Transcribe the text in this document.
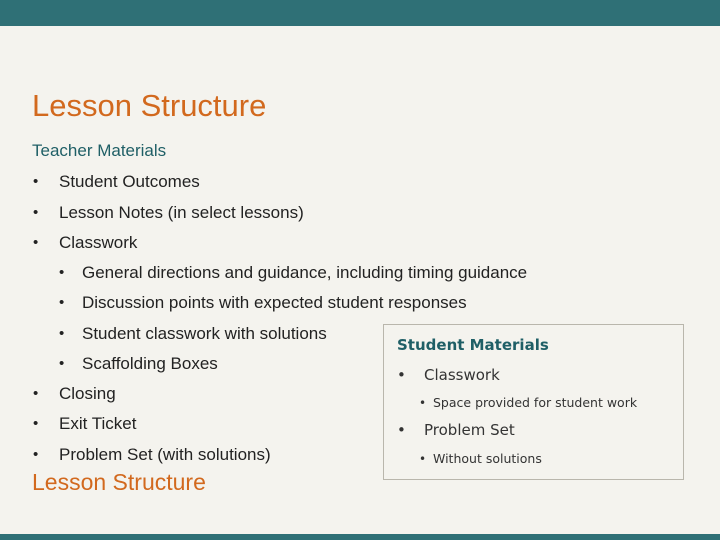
Lesson Structure
Teacher Materials
• Student Outcomes
• Lesson Notes (in select lessons)
• Classwork
• General directions and guidance, including timing guidance
• Discussion points with expected student responses
• Student classwork with solutions
• Scaffolding Boxes
• Closing
• Exit Ticket
• Problem Set (with solutions)
Lesson Structure
Student Materials
• Classwork
• Space provided for student work
• Problem Set
• Without solutions
